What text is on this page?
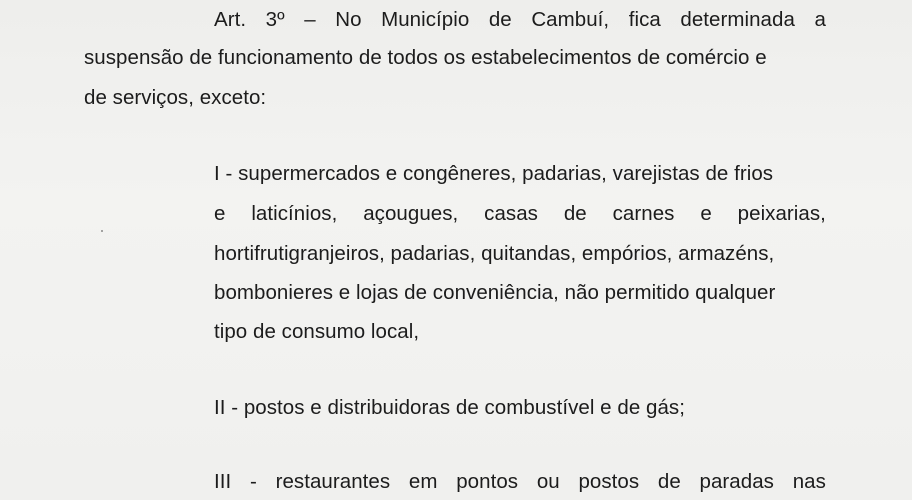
Art. 3º – No Município de Cambuí, fica determinada a
suspensão de funcionamento de todos os estabelecimentos de comércio e
de serviços, exceto:
I - supermercados e congêneres, padarias, varejistas de frios
e laticínios, açougues, casas de carnes e peixarias,
hortifrutigranjeiros, padarias, quitandas, empórios, armazéns,
bombonieres e lojas de conveniência, não permitido qualquer
tipo de consumo local,
II - postos e distribuidoras de combustível e de gás;
III - restaurantes em pontos ou postos de paradas nas
